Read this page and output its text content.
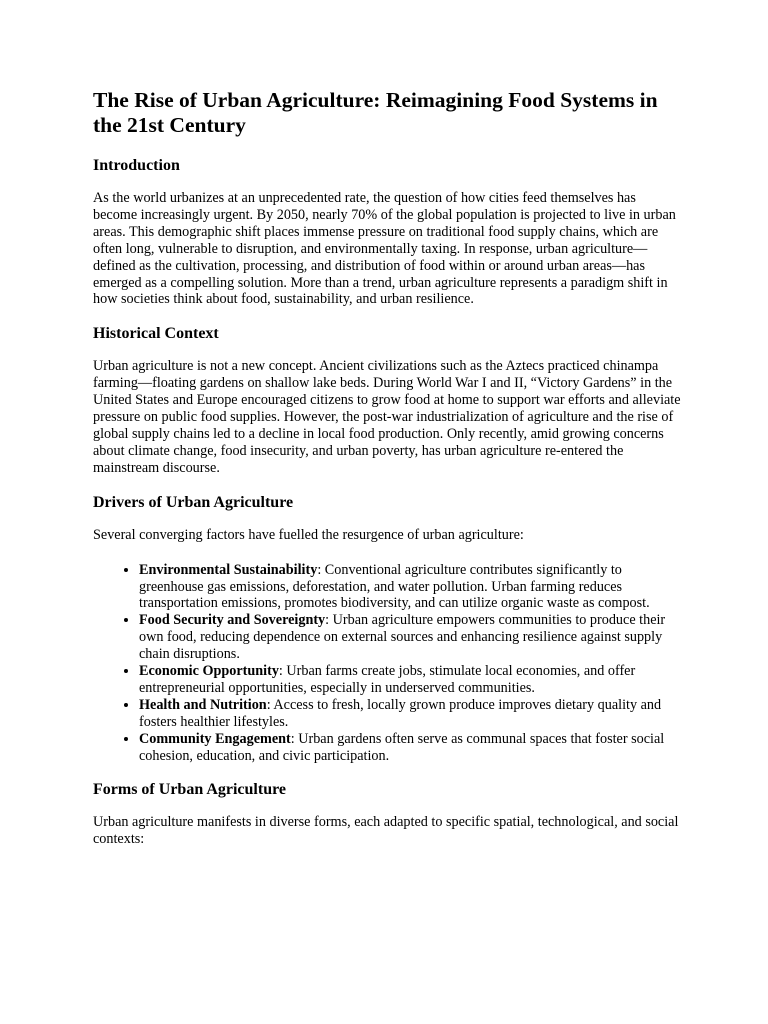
The Rise of Urban Agriculture: Reimagining Food Systems in the 21st Century
Introduction

As the world urbanizes at an unprecedented rate, the question of how cities feed themselves has become increasingly urgent. By 2050, nearly 70% of the global population is projected to live in urban areas. This demographic shift places immense pressure on traditional food supply chains, which are often long, vulnerable to disruption, and environmentally taxing. In response, urban agriculture—defined as the cultivation, processing, and distribution of food within or around urban areas—has emerged as a compelling solution. More than a trend, urban agriculture represents a paradigm shift in how societies think about food, sustainability, and urban resilience.

Historical Context

Urban agriculture is not a new concept. Ancient civilizations such as the Aztecs practiced chinampa farming—floating gardens on shallow lake beds. During World War I and II, “Victory Gardens” in the United States and Europe encouraged citizens to grow food at home to support war efforts and alleviate pressure on public food supplies. However, the post-war industrialization of agriculture and the rise of global supply chains led to a decline in local food production. Only recently, amid growing concerns about climate change, food insecurity, and urban poverty, has urban agriculture re-entered the mainstream discourse.

Drivers of Urban Agriculture

Several converging factors have fuelled the resurgence of urban agriculture:

• Environmental Sustainability: Conventional agriculture contributes significantly to greenhouse gas emissions, deforestation, and water pollution. Urban farming reduces transportation emissions, promotes biodiversity, and can utilize organic waste as compost.
• Food Security and Sovereignty: Urban agriculture empowers communities to produce their own food, reducing dependence on external sources and enhancing resilience against supply chain disruptions.
• Economic Opportunity: Urban farms create jobs, stimulate local economies, and offer entrepreneurial opportunities, especially in underserved communities.
• Health and Nutrition: Access to fresh, locally grown produce improves dietary quality and fosters healthier lifestyles.
• Community Engagement: Urban gardens often serve as communal spaces that foster social cohesion, education, and civic participation.
Forms of Urban Agriculture

Urban agriculture manifests in diverse forms, each adapted to specific spatial, technological, and social contexts:
